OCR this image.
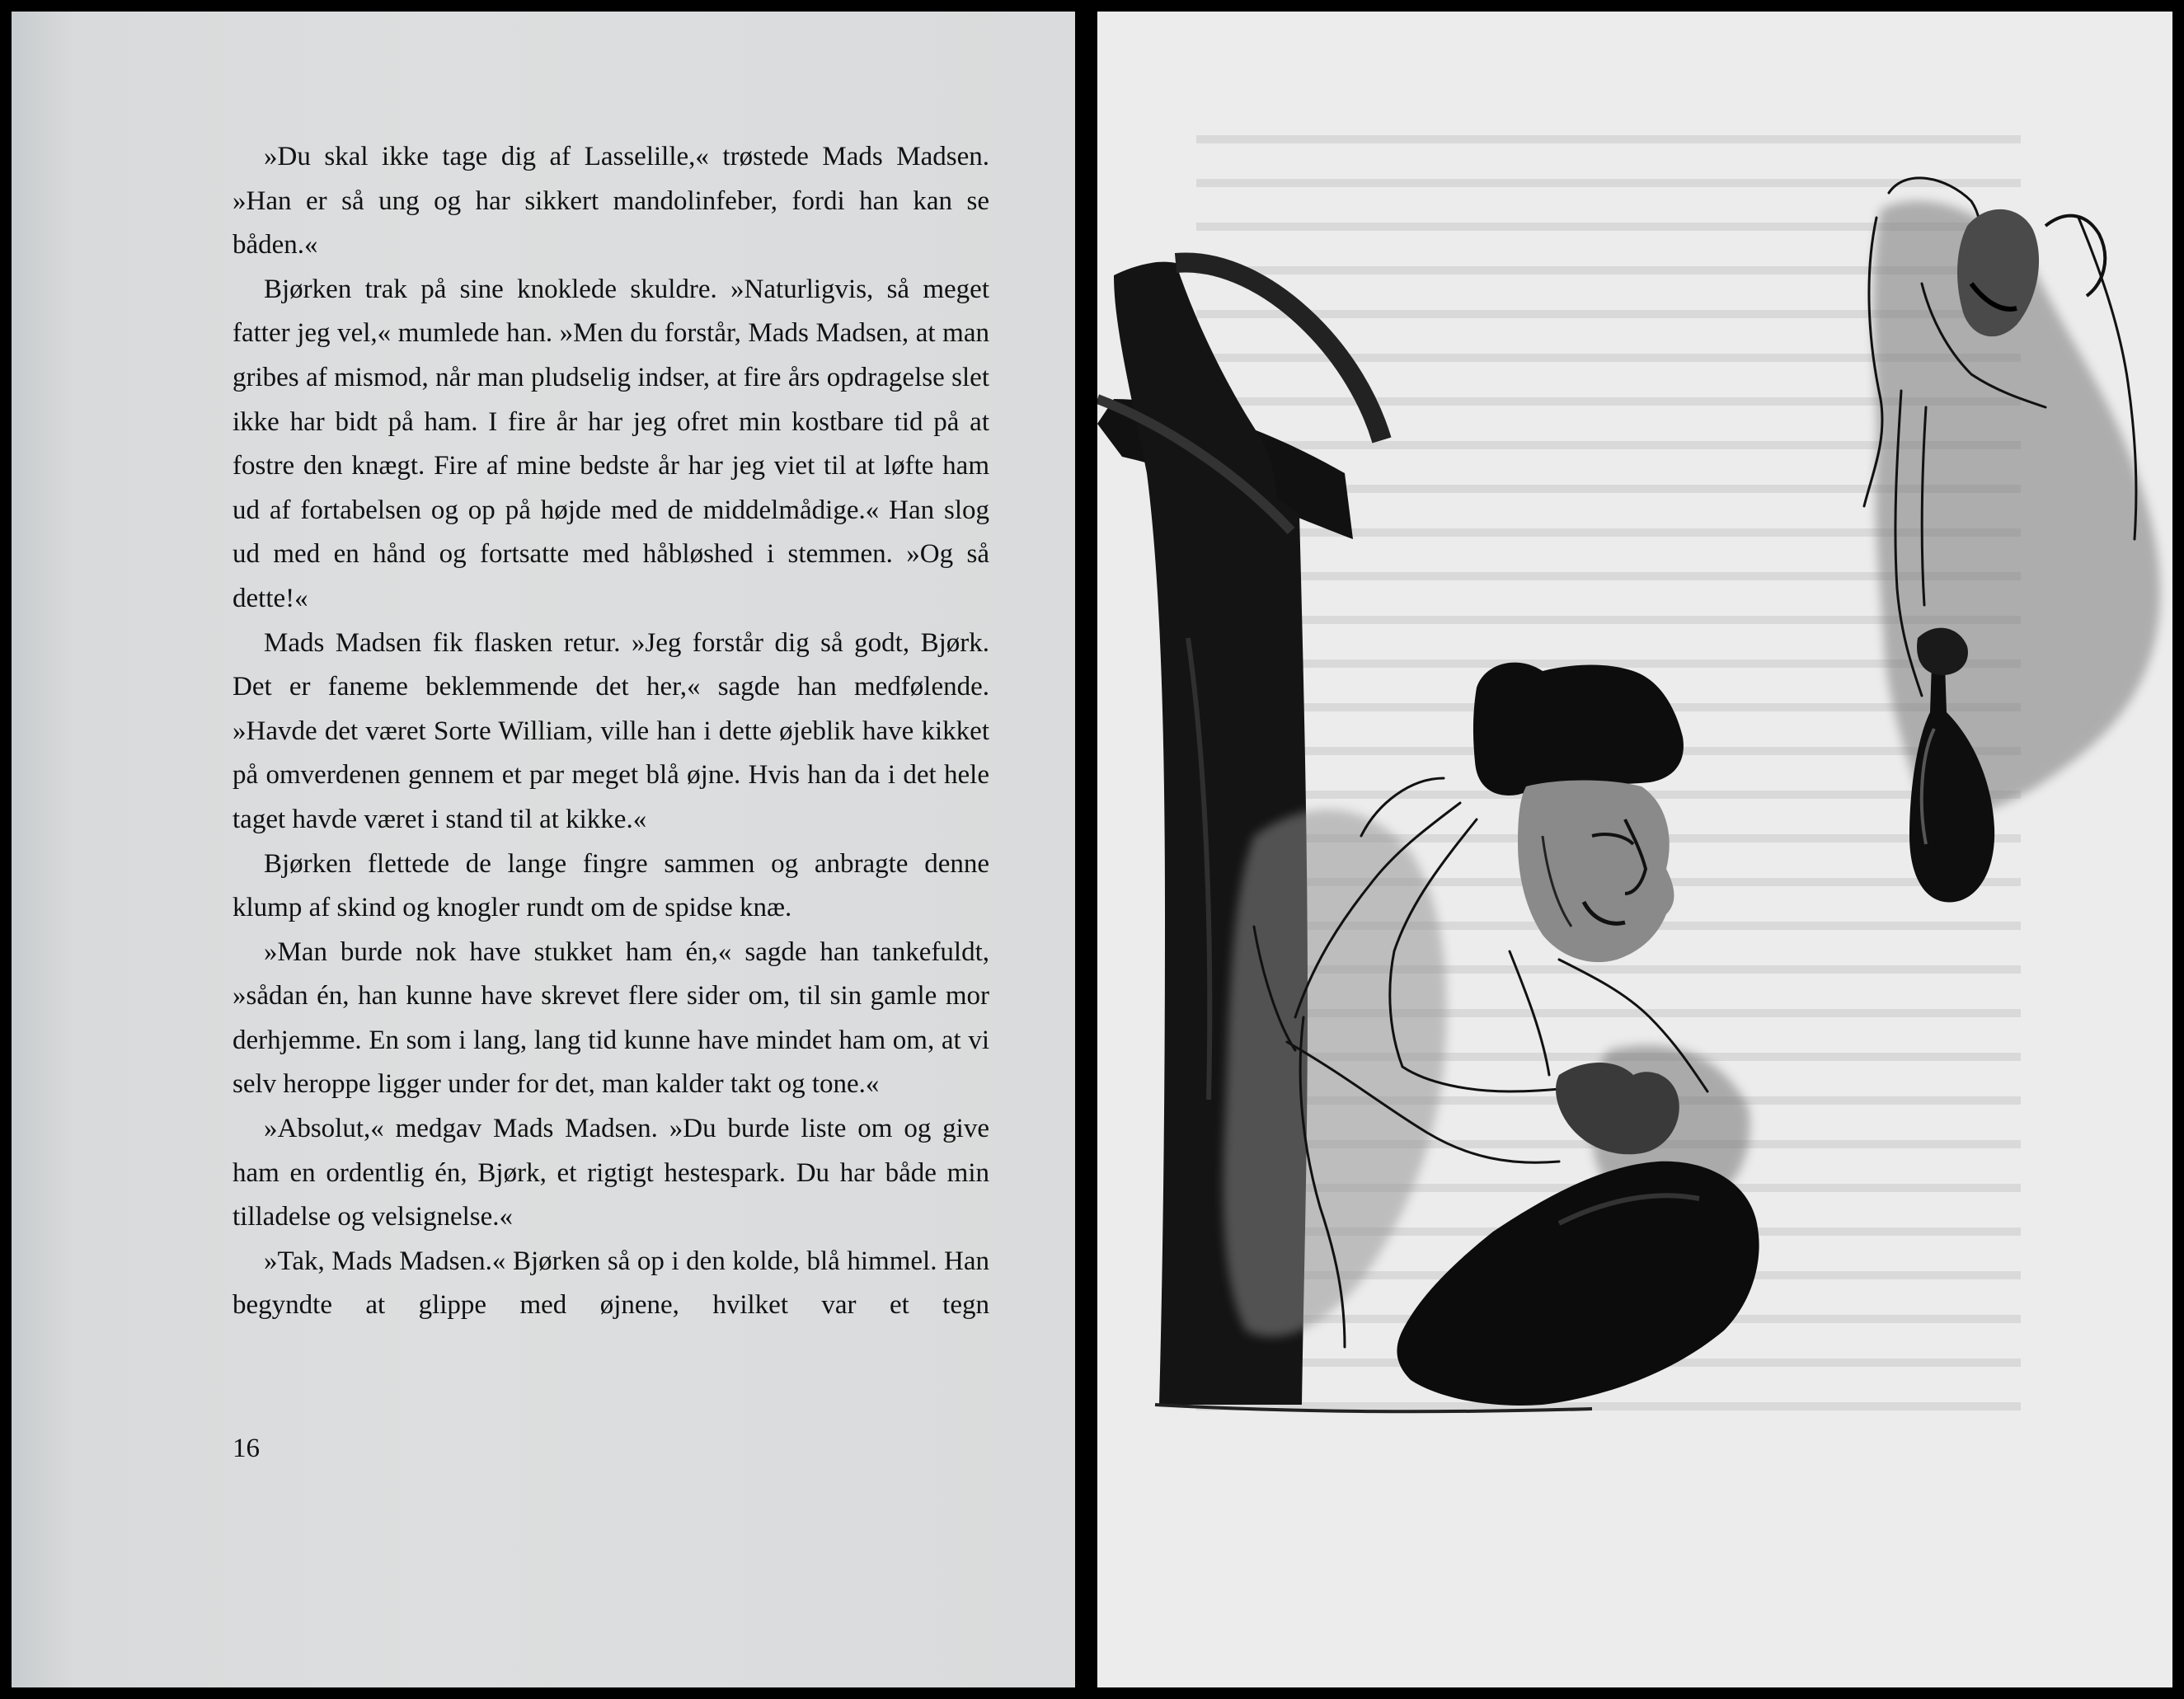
»Du skal ikke tage dig af Lasselille,« trøstede Mads Madsen. »Han er så ung og har sikkert mandolinfeber, fordi han kan se båden.«

Bjørken trak på sine knoklede skuldre. »Naturligvis, så meget fatter jeg vel,« mumlede han. »Men du forstår, Mads Madsen, at man gribes af mismod, når man pludselig indser, at fire års opdragelse slet ikke har bidt på ham. I fire år har jeg ofret min kostbare tid på at fostre den knægt. Fire af mine bedste år har jeg viet til at løfte ham ud af fortabelsen og op på højde med de middelmådige.« Han slog ud med en hånd og fortsatte med håbløshed i stemmen. »Og så dette!«

Mads Madsen fik flasken retur. »Jeg forstår dig så godt, Bjørk. Det er faneme beklemmende det her,« sagde han medfølende. »Havde det været Sorte William, ville han i dette øjeblik have kikket på omverdenen gennem et par meget blå øjne. Hvis han da i det hele taget havde været i stand til at kikke.«

Bjørken flettede de lange fingre sammen og anbragte denne klump af skind og knogler rundt om de spidse knæ.

»Man burde nok have stukket ham én,« sagde han tankefuldt, »sådan én, han kunne have skrevet flere sider om, til sin gamle mor derhjemme. En som i lang, lang tid kunne have mindet ham om, at vi selv heroppe ligger under for det, man kalder takt og tone.«

»Absolut,« medgav Mads Madsen. »Du burde liste om og give ham en ordentlig én, Bjørk, et rigtigt hestespark. Du har både min tilladelse og velsignelse.«

»Tak, Mads Madsen.« Bjørken så op i den kolde, blå himmel. Han begyndte at glippe med øjnene, hvilket var et tegn

16
